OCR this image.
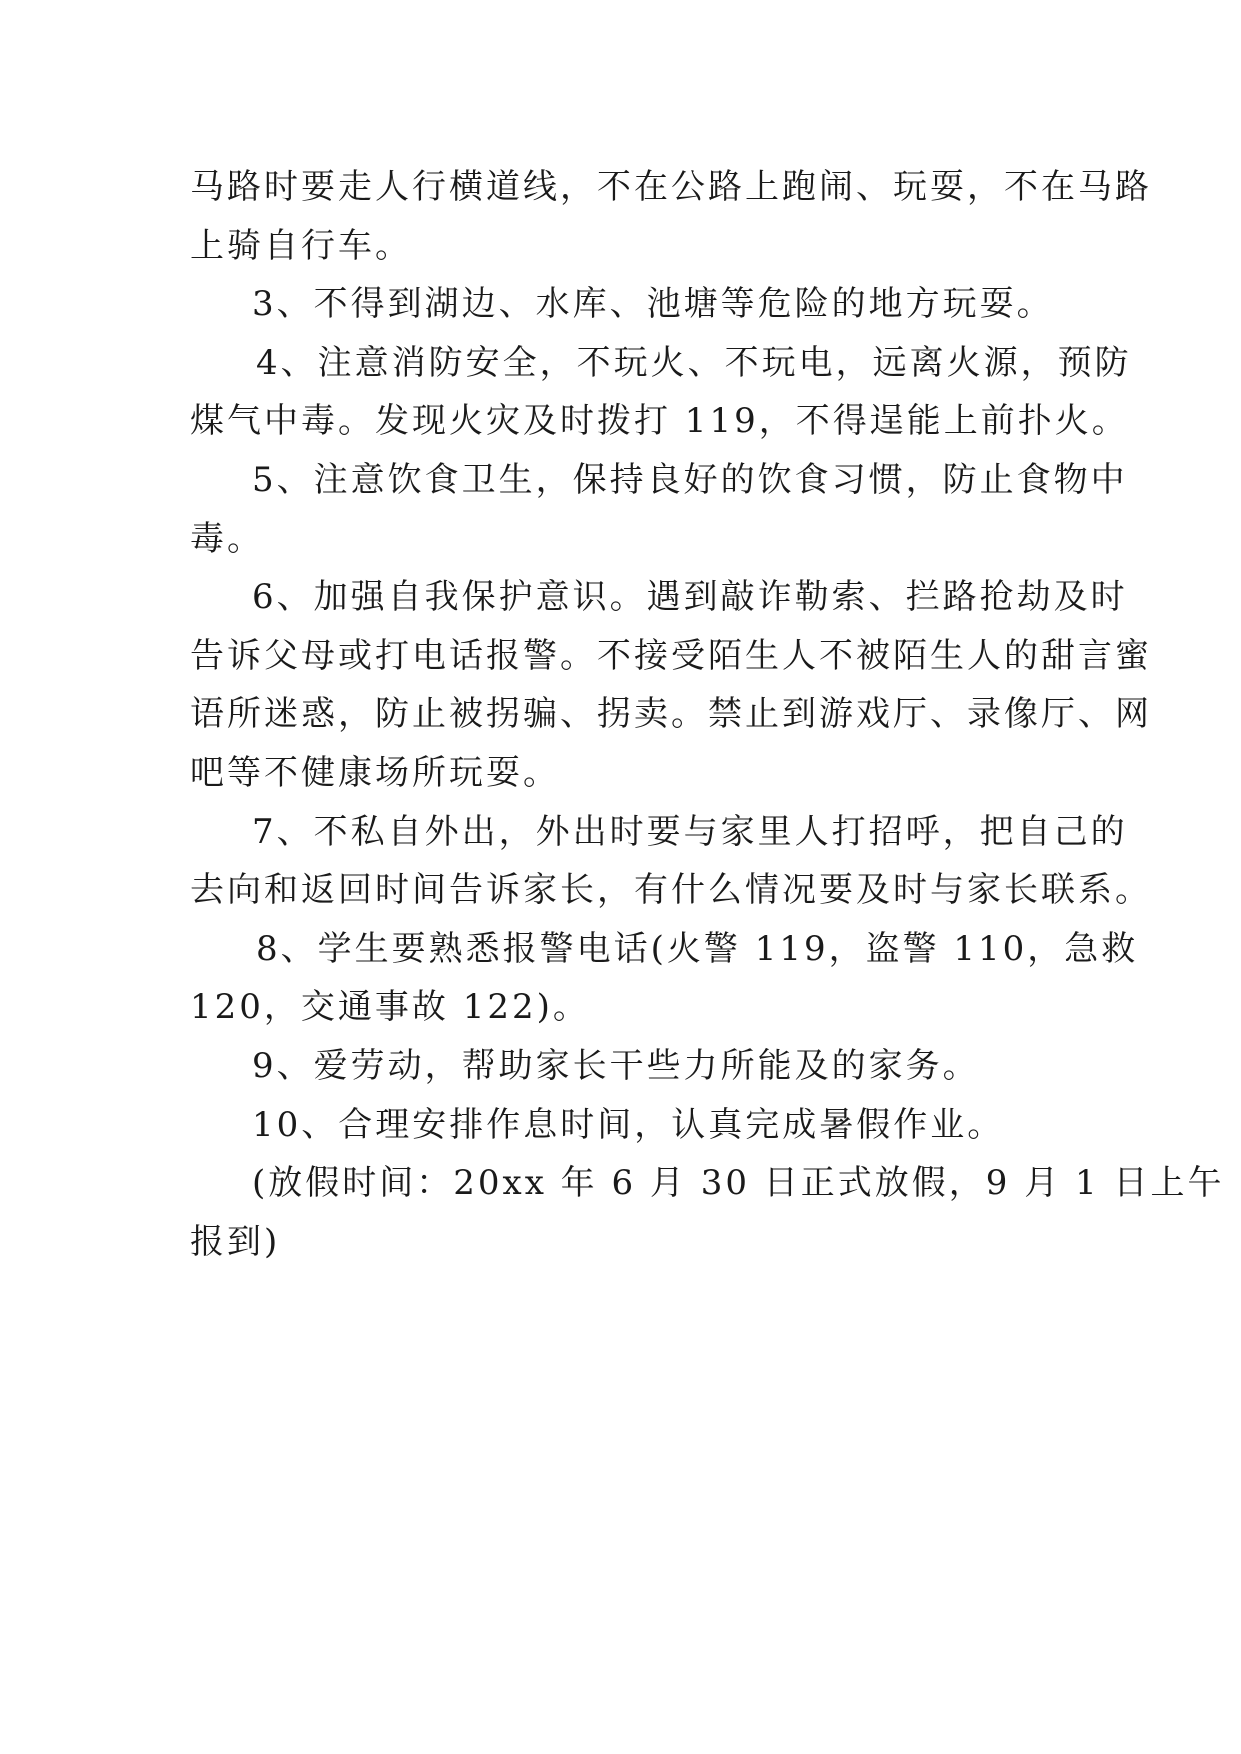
马路时要走人行横道线，不在公路上跑闹、玩耍，不在马路
上骑自行车。
3、不得到湖边、水库、池塘等危险的地方玩耍。
4、注意消防安全，不玩火、不玩电，远离火源，预防
煤气中毒。发现火灾及时拨打 119，不得逞能上前扑火。
5、注意饮食卫生，保持良好的饮食习惯，防止食物中
毒。
6、加强自我保护意识。遇到敲诈勒索、拦路抢劫及时
告诉父母或打电话报警。不接受陌生人不被陌生人的甜言蜜
语所迷惑，防止被拐骗、拐卖。禁止到游戏厅、录像厅、网
吧等不健康场所玩耍。
7、不私自外出，外出时要与家里人打招呼，把自己的
去向和返回时间告诉家长，有什么情况要及时与家长联系。
8、学生要熟悉报警电话(火警 119，盗警 110，急救
120，交通事故 122)。
9、爱劳动，帮助家长干些力所能及的家务。
10、合理安排作息时间，认真完成暑假作业。
(放假时间：20xx 年 6 月 30 日正式放假，9 月 1 日上午
报到)
